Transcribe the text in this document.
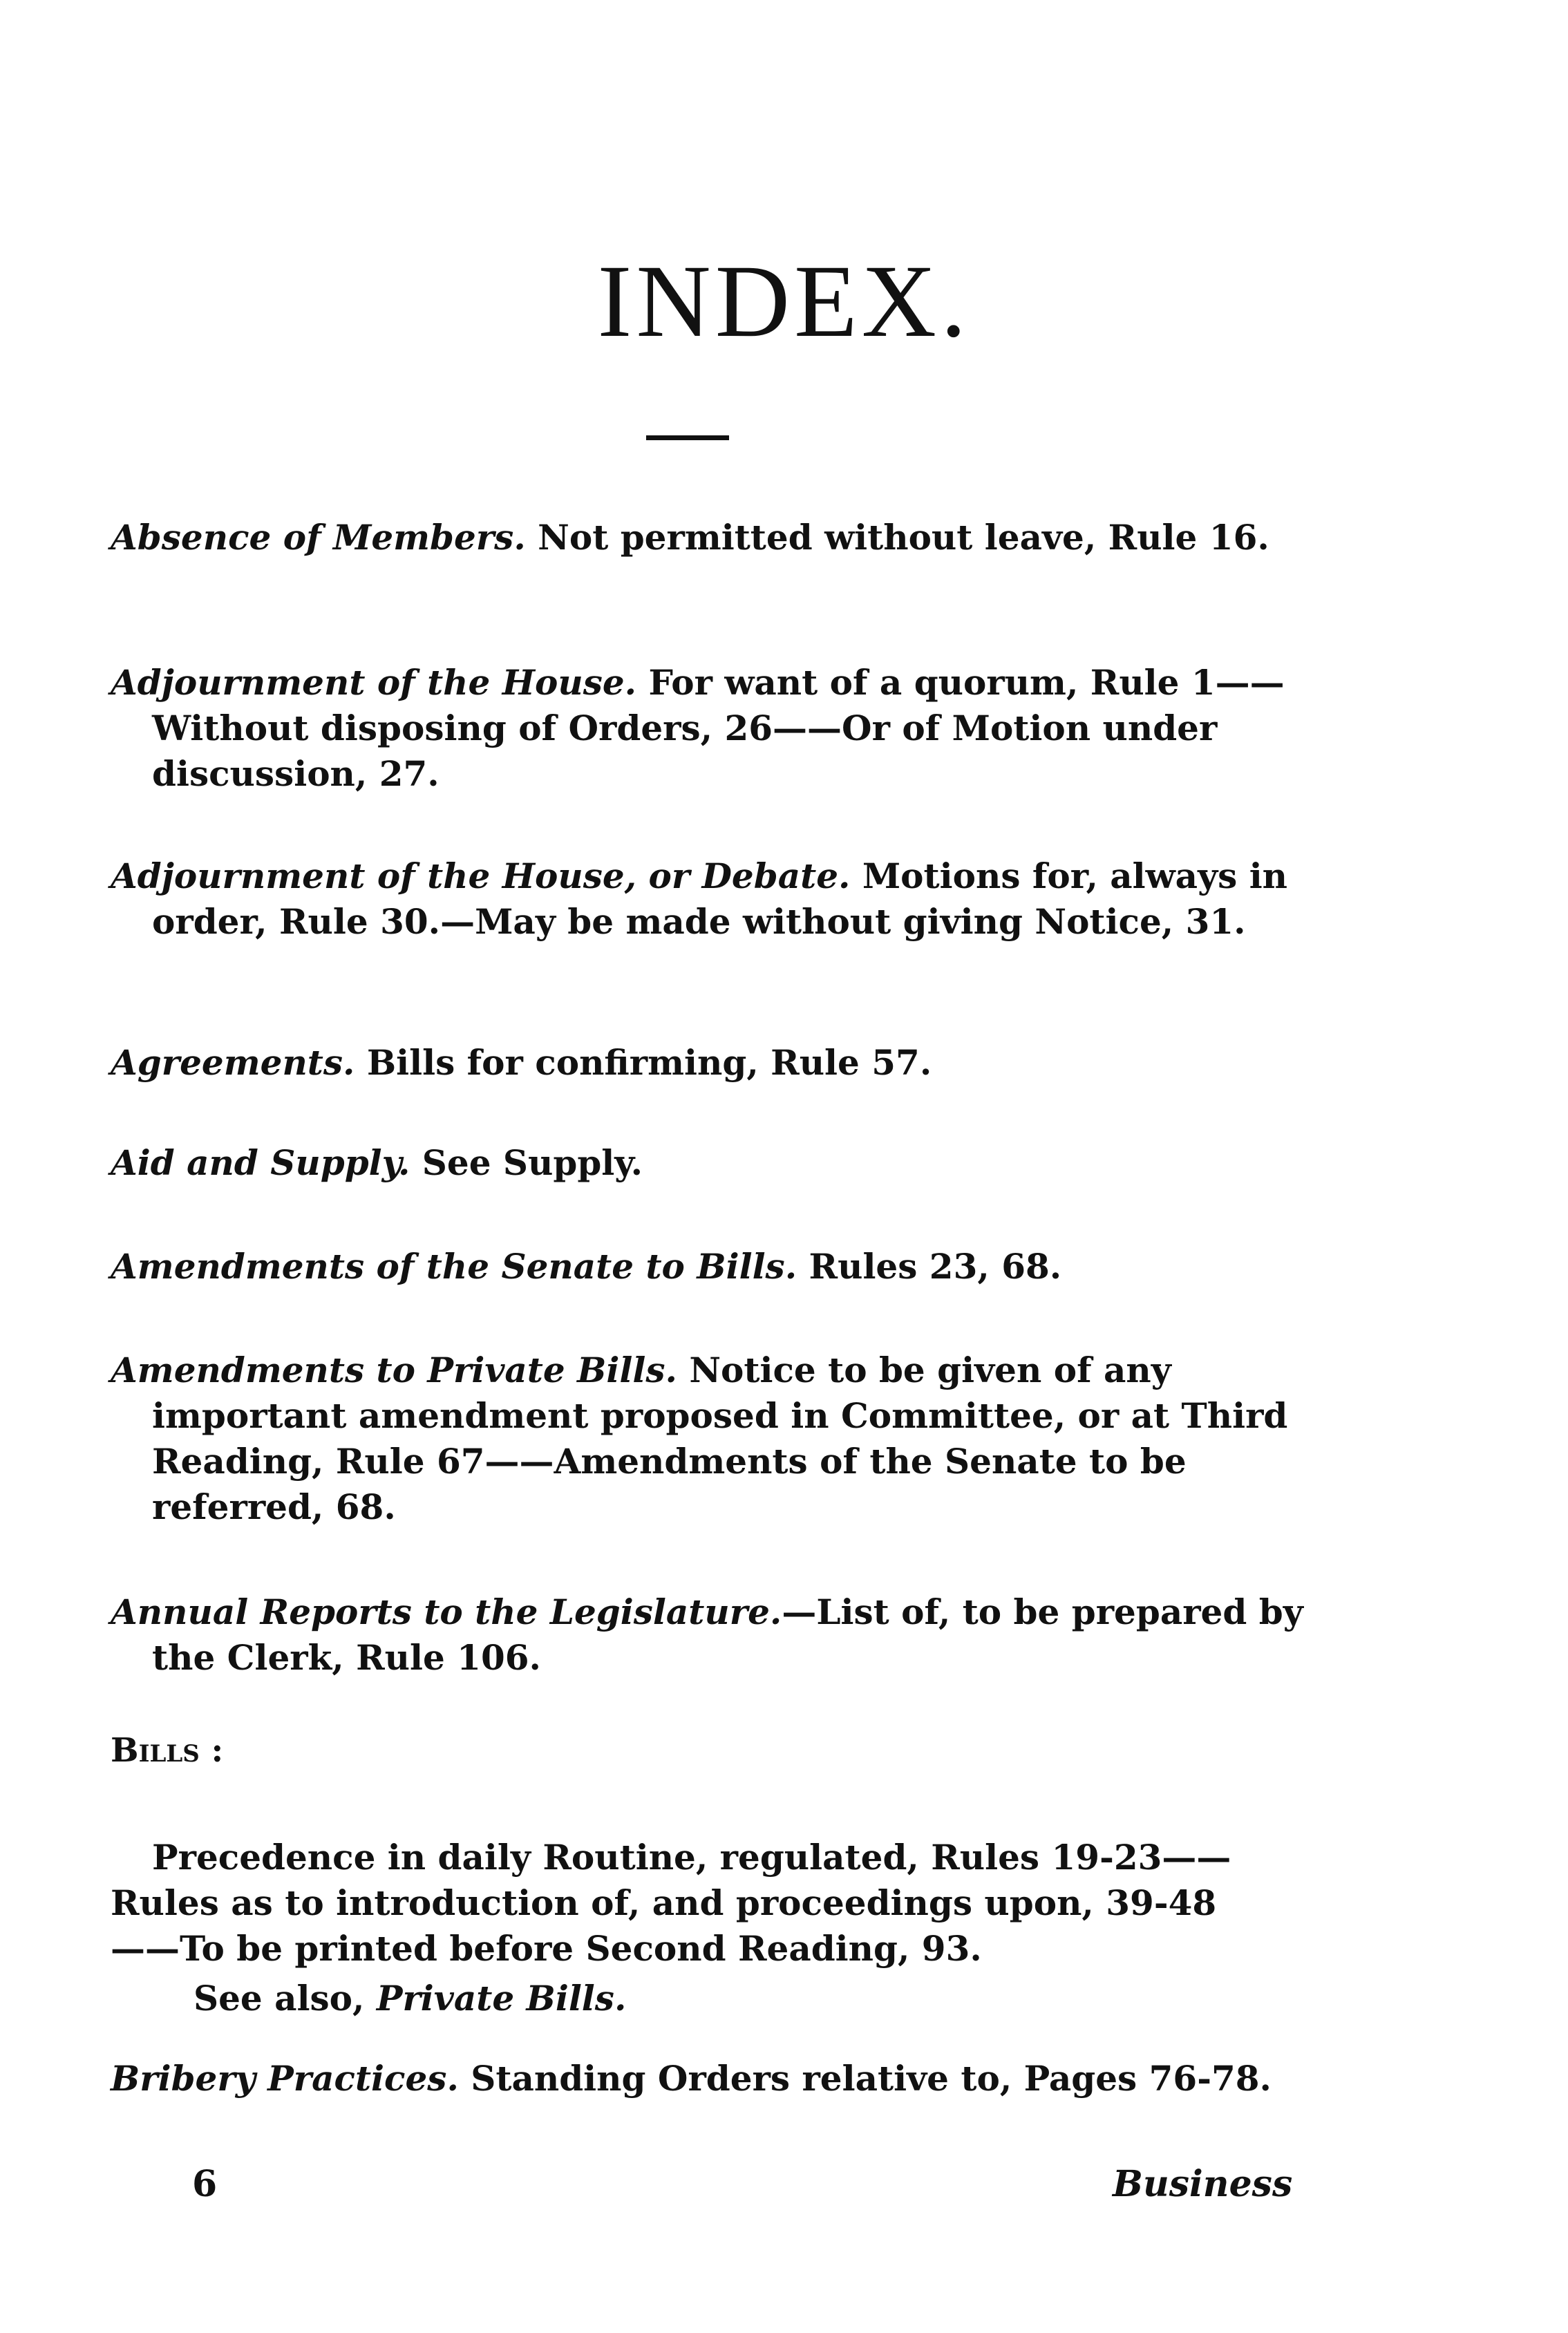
INDEX.
Absence of Members. Not permitted without leave, Rule 16.
Adjournment of the House. For want of a quorum, Rule 1——Without disposing of Orders, 26——Or of Motion under discussion, 27.
Adjournment of the House, or Debate. Motions for, always in order, Rule 30.—May be made without giving Notice, 31.
Agreements. Bills for confirming, Rule 57.
Aid and Supply. See Supply.
Amendments of the Senate to Bills. Rules 23, 68.
Amendments to Private Bills. Notice to be given of any important amendment proposed in Committee, or at Third Reading, Rule 67——Amendments of the Senate to be referred, 68.
Annual Reports to the Legislature.—List of, to be prepared by the Clerk, Rule 106.
Bills :
Precedence in daily Routine, regulated, Rules 19-23——Rules as to introduction of, and proceedings upon, 39-48——To be printed before Second Reading, 93.
See also, Private Bills.
Bribery Practices. Standing Orders relative to, Pages 76-78.
6	Business
